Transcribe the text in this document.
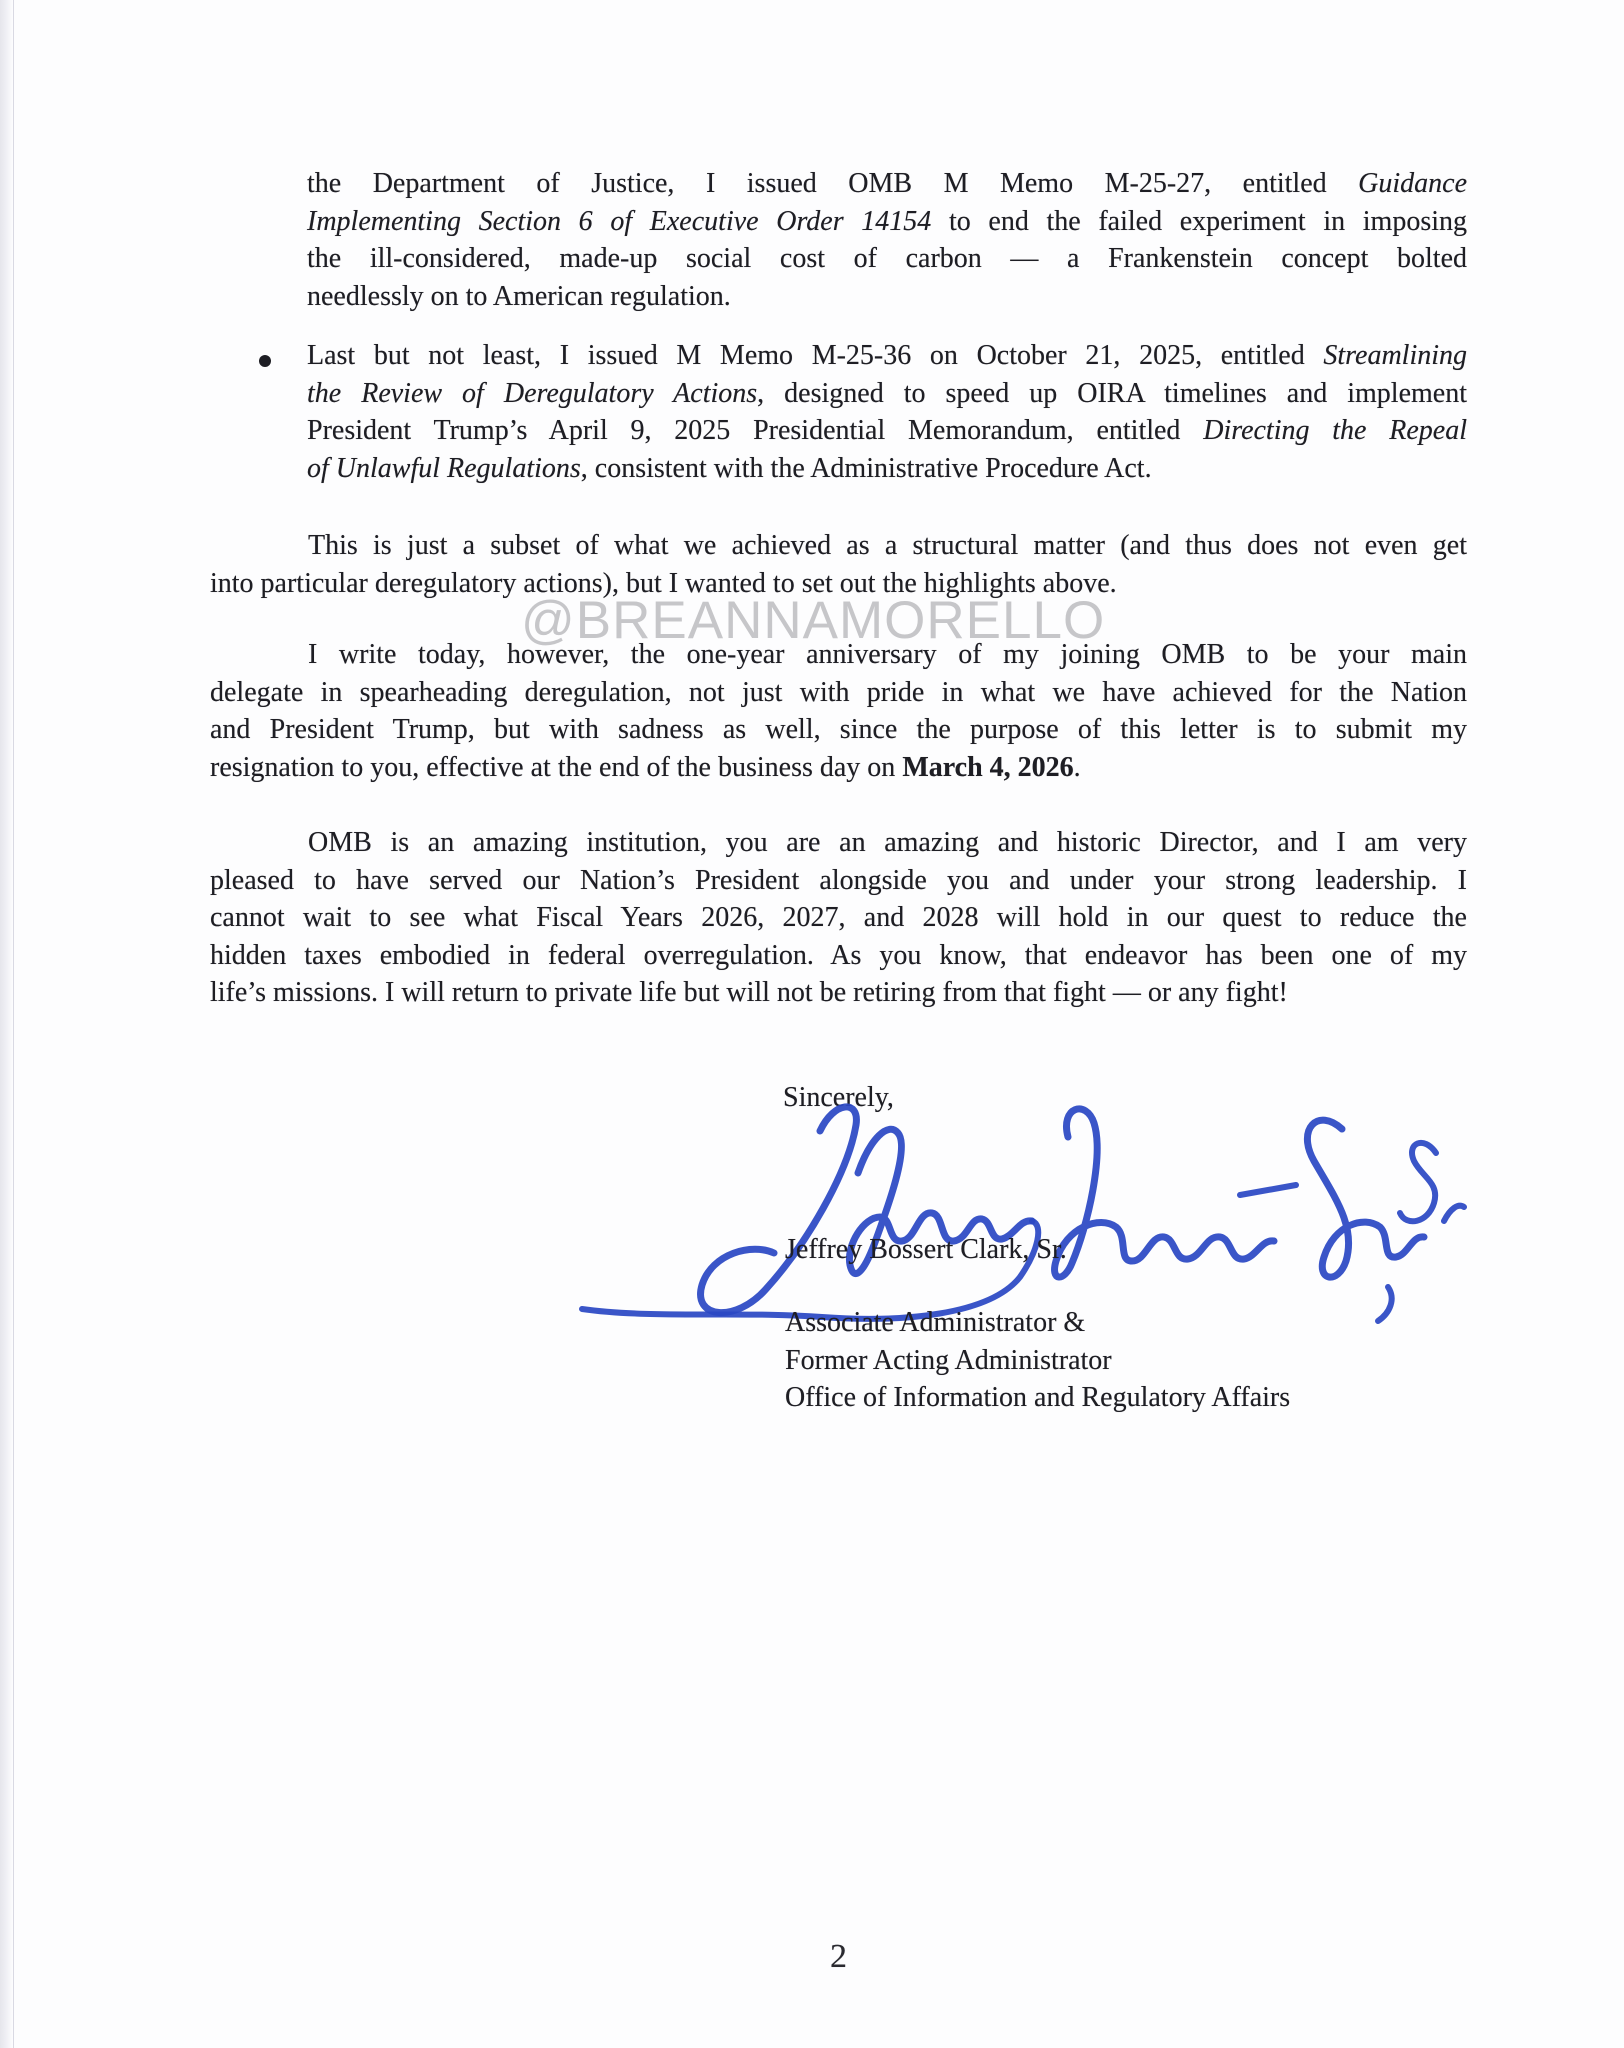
the Department of Justice, I issued OMB M Memo M-25-27, entitled Guidance
Implementing Section 6 of Executive Order 14154 to end the failed experiment in imposing
the ill-considered, made-up social cost of carbon — a Frankenstein concept bolted
needlessly on to American regulation.
Last but not least, I issued M Memo M-25-36 on October 21, 2025, entitled Streamlining
the Review of Deregulatory Actions, designed to speed up OIRA timelines and implement
President Trump’s April 9, 2025 Presidential Memorandum, entitled Directing the Repeal
of Unlawful Regulations, consistent with the Administrative Procedure Act.
This is just a subset of what we achieved as a structural matter (and thus does not even get
into particular deregulatory actions), but I wanted to set out the highlights above.
@BREANNAMORELLO
I write today, however, the one-year anniversary of my joining OMB to be your main
delegate in spearheading deregulation, not just with pride in what we have achieved for the Nation
and President Trump, but with sadness as well, since the purpose of this letter is to submit my
resignation to you, effective at the end of the business day on March 4, 2026.
OMB is an amazing institution, you are an amazing and historic Director, and I am very
pleased to have served our Nation’s President alongside you and under your strong leadership. I
cannot wait to see what Fiscal Years 2026, 2027, and 2028 will hold in our quest to reduce the
hidden taxes embodied in federal overregulation. As you know, that endeavor has been one of my
life’s missions. I will return to private life but will not be retiring from that fight — or any fight!
Sincerely,
Jeffrey Bossert Clark, Sr.
Associate Administrator &
Former Acting Administrator
Office of Information and Regulatory Affairs
2
